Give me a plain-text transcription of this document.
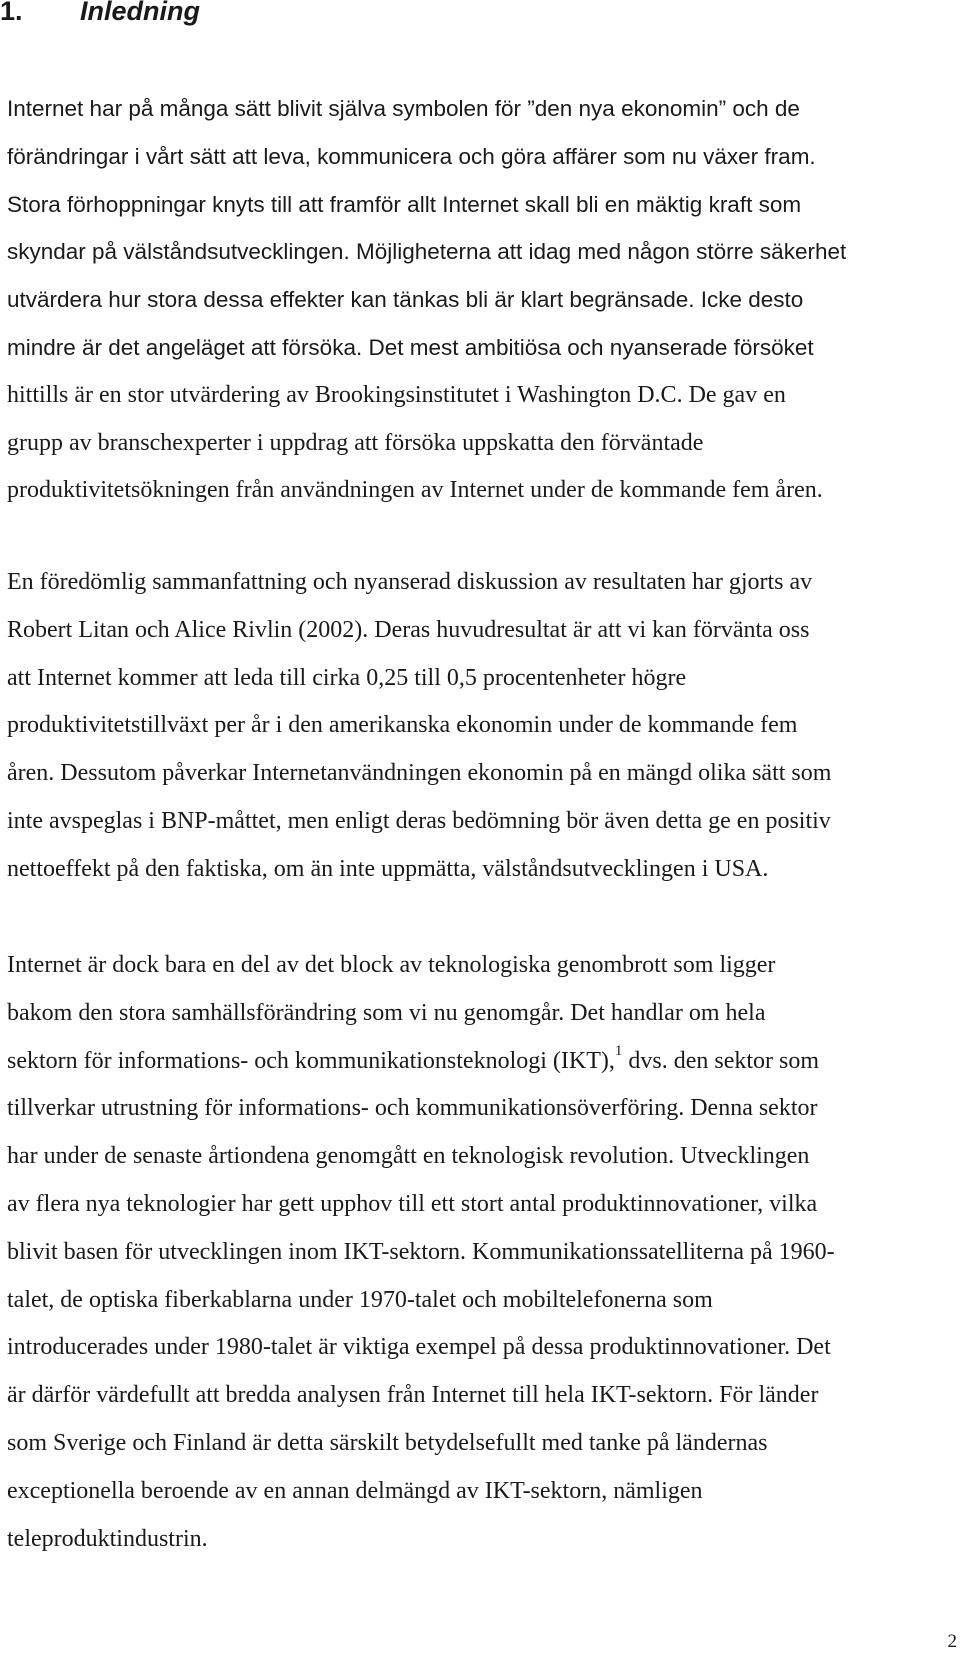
1. Inledning
Internet har på många sätt blivit själva symbolen för ”den nya ekonomin” och de
förändringar i vårt sätt att leva, kommunicera och göra affärer som nu växer fram.
Stora förhoppningar knyts till att framför allt Internet skall bli en mäktig kraft som
skyndar på välståndsutvecklingen. Möjligheterna att idag med någon större säkerhet
utvärdera hur stora dessa effekter kan tänkas bli är klart begränsade. Icke desto
mindre är det angeläget att försöka. Det mest ambitiösa och nyanserade försöket
hittills är en stor utvärdering av Brookingsinstitutet i Washington D.C. De gav en
grupp av branschexperter i uppdrag att försöka uppskatta den förväntade
produktivitetsökningen från användningen av Internet under de kommande fem åren.
En föredömlig sammanfattning och nyanserad diskussion av resultaten har gjorts av
Robert Litan och Alice Rivlin (2002). Deras huvudresultat är att vi kan förvänta oss
att Internet kommer att leda till cirka 0,25 till 0,5 procentenheter högre
produktivitetstillväxt per år i den amerikanska ekonomin under de kommande fem
åren. Dessutom påverkar Internetanvändningen ekonomin på en mängd olika sätt som
inte avspeglas i BNP-måttet, men enligt deras bedömning bör även detta ge en positiv
nettoeffekt på den faktiska, om än inte uppmätta, välståndsutvecklingen i USA.
Internet är dock bara en del av det block av teknologiska genombrott som ligger
bakom den stora samhällsförändring som vi nu genomgår. Det handlar om hela
sektorn för informations- och kommunikationsteknologi (IKT),$^1$ dvs. den sektor som
tillverkar utrustning för informations- och kommunikationsöverföring. Denna sektor
har under de senaste årtiondena genomgått en teknologisk revolution. Utvecklingen
av flera nya teknologier har gett upphov till ett stort antal produktinnovationer, vilka
blivit basen för utvecklingen inom IKT-sektorn. Kommunikationssatelliterna på 1960-
talet, de optiska fiberkablarna under 1970-talet och mobiltelefonerna som
introducerades under 1980-talet är viktiga exempel på dessa produktinnovationer. Det
är därför värdefullt att bredda analysen från Internet till hela IKT-sektorn. För länder
som Sverige och Finland är detta särskilt betydelsefullt med tanke på ländernas
exceptionella beroende av en annan delmängd av IKT-sektorn, nämligen
teleproduktindustrin.
2
